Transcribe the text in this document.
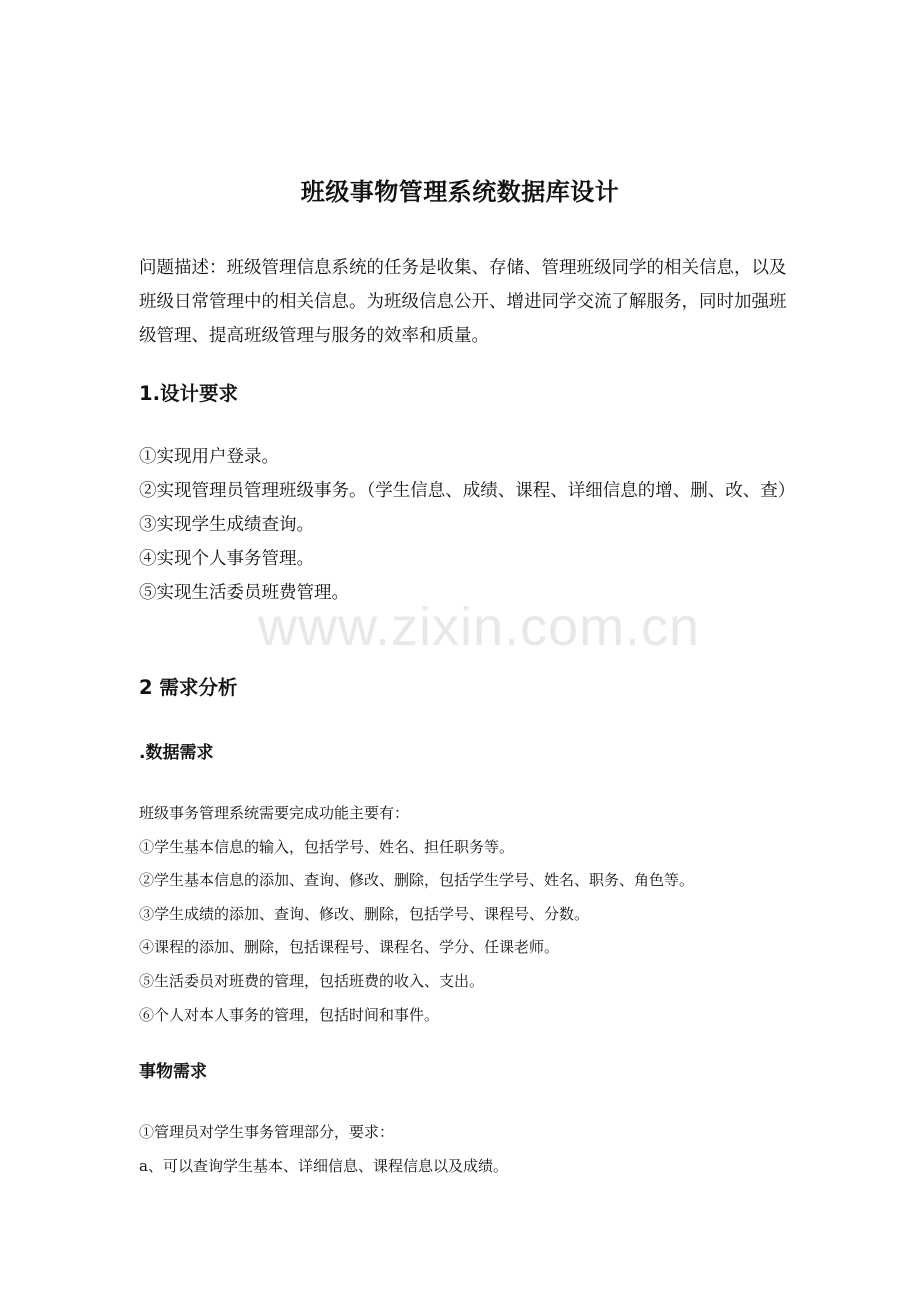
班级事物管理系统数据库设计
问题描述：班级管理信息系统的任务是收集、存储、管理班级同学的相关信息，以及班级日常管理中的相关信息。为班级信息公开、增进同学交流了解服务，同时加强班级管理、提高班级管理与服务的效率和质量。
1.设计要求
①实现用户登录。
②实现管理员管理班级事务。（学生信息、成绩、课程、详细信息的增、删、改、查）
③实现学生成绩查询。
④实现个人事务管理。
⑤实现生活委员班费管理。
2 需求分析
.数据需求
班级事务管理系统需要完成功能主要有：
①学生基本信息的输入，包括学号、姓名、担任职务等。
②学生基本信息的添加、查询、修改、删除，包括学生学号、姓名、职务、角色等。
③学生成绩的添加、查询、修改、删除，包括学号、课程号、分数。
④课程的添加、删除，包括课程号、课程名、学分、任课老师。
⑤生活委员对班费的管理，包括班费的收入、支出。
⑥个人对本人事务的管理，包括时间和事件。
事物需求
①管理员对学生事务管理部分，要求：
a、可以查询学生基本、详细信息、课程信息以及成绩。
www.zixin.com.cn
